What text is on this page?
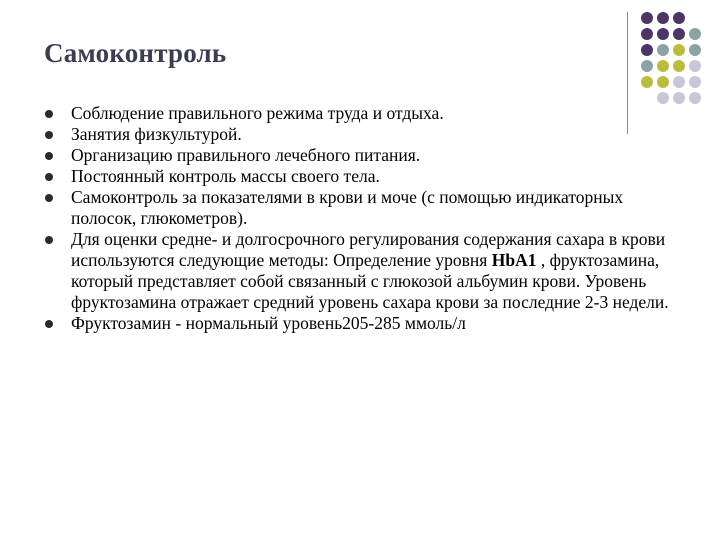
Самоконтроль
Соблюдение правильного режима труда и отдыха.
Занятия физкультурой.
Организацию правильного лечебного питания.
Постоянный контроль массы своего тела.
Самоконтроль за показателями в крови и моче (с помощью индикаторных полосок, глюкометров).
Для оценки средне- и долгосрочного регулирования содержания сахара в крови используются следующие методы: Определение уровня HbA1 , фруктозамина, который представляет собой связанный с глюкозой альбумин крови. Уровень фруктозамина отражает средний уровень сахара крови за последние 2-3 недели.
Фруктозамин - нормальный уровень205-285 ммоль/л
